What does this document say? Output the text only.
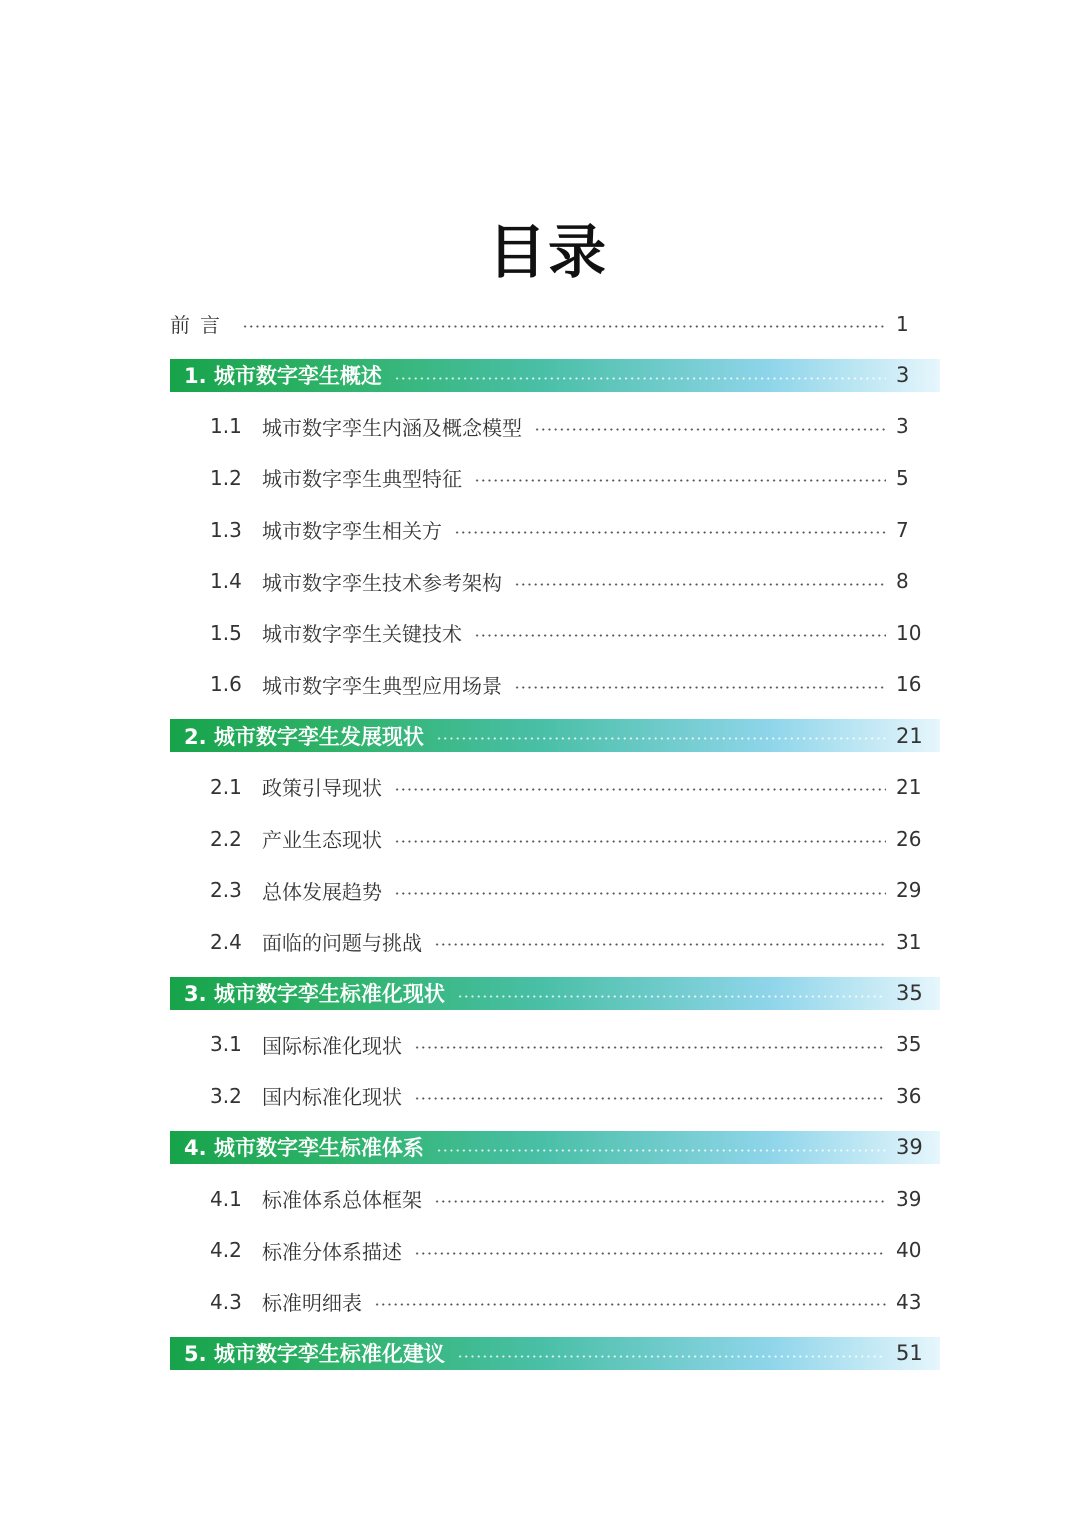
目录
前言	1
1. 城市数字孪生概述	3
1.1	城市数字孪生内涵及概念模型	3
1.2	城市数字孪生典型特征	5
1.3	城市数字孪生相关方	7
1.4	城市数字孪生技术参考架构	8
1.5	城市数字孪生关键技术	10
1.6	城市数字孪生典型应用场景	16
2. 城市数字孪生发展现状	21
2.1	政策引导现状	21
2.2	产业生态现状	26
2.3	总体发展趋势	29
2.4	面临的问题与挑战	31
3. 城市数字孪生标准化现状	35
3.1	国际标准化现状	35
3.2	国内标准化现状	36
4. 城市数字孪生标准体系	39
4.1	标准体系总体框架	39
4.2	标准分体系描述	40
4.3	标准明细表	43
5. 城市数字孪生标准化建议	51
